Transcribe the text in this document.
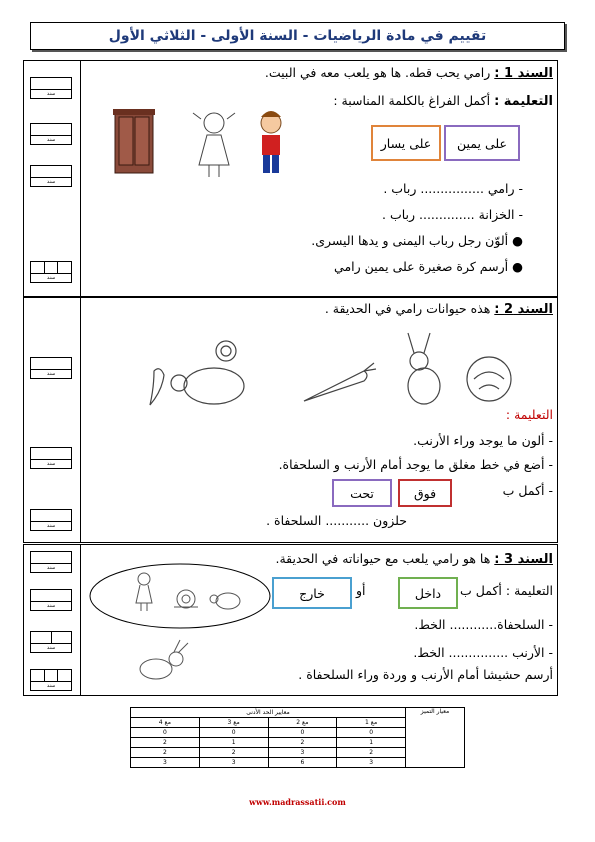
تقييم في مادة الرياضيات - السنة الأولى - الثلاثي الأول
سند
سند
سند
سند
السند 1 : رامي يحب قطه. ها هو يلعب معه في البيت.
التعليمة : أكمل الفراغ بالكلمة المناسبة :
على يمين
على يسار
- رامي ................ رباب .
- الخزانة .............. رباب .
● ألوّن رجل رباب اليمنى و يدها اليسرى.
● أرسم كرة صغيرة على يمين رامي
سند
سند
سند
السند 2 : هذه حيوانات رامي في الحديقة .
التعليمة :
- ألون ما يوجد وراء الأرنب.
- أضع في خط مغلق ما يوجد أمام الأرنب و السلحفاة.
- أكمل ب
فوق
تحت
حلزون ........... السلحفاة .
سند
سند
سند
سند
السند 3 : ها هو رامي يلعب مع حيواناته في الحديقة.
التعليمة : أكمل ب
داخل
أو
خارج
- السلحفاة............ الخط.
- الأرنب ............... الخط.
أرسم حشيشا أمام الأرنب و وردة وراء السلحفاة .
معايير الحد الأدنى				معيار التميز
مع 4	مع 3	مع 2	مع 1	
0	0	0	0	
2	1	2	1	
2	2	3	2	
3	3	6	3	
www.madrassatii.com
